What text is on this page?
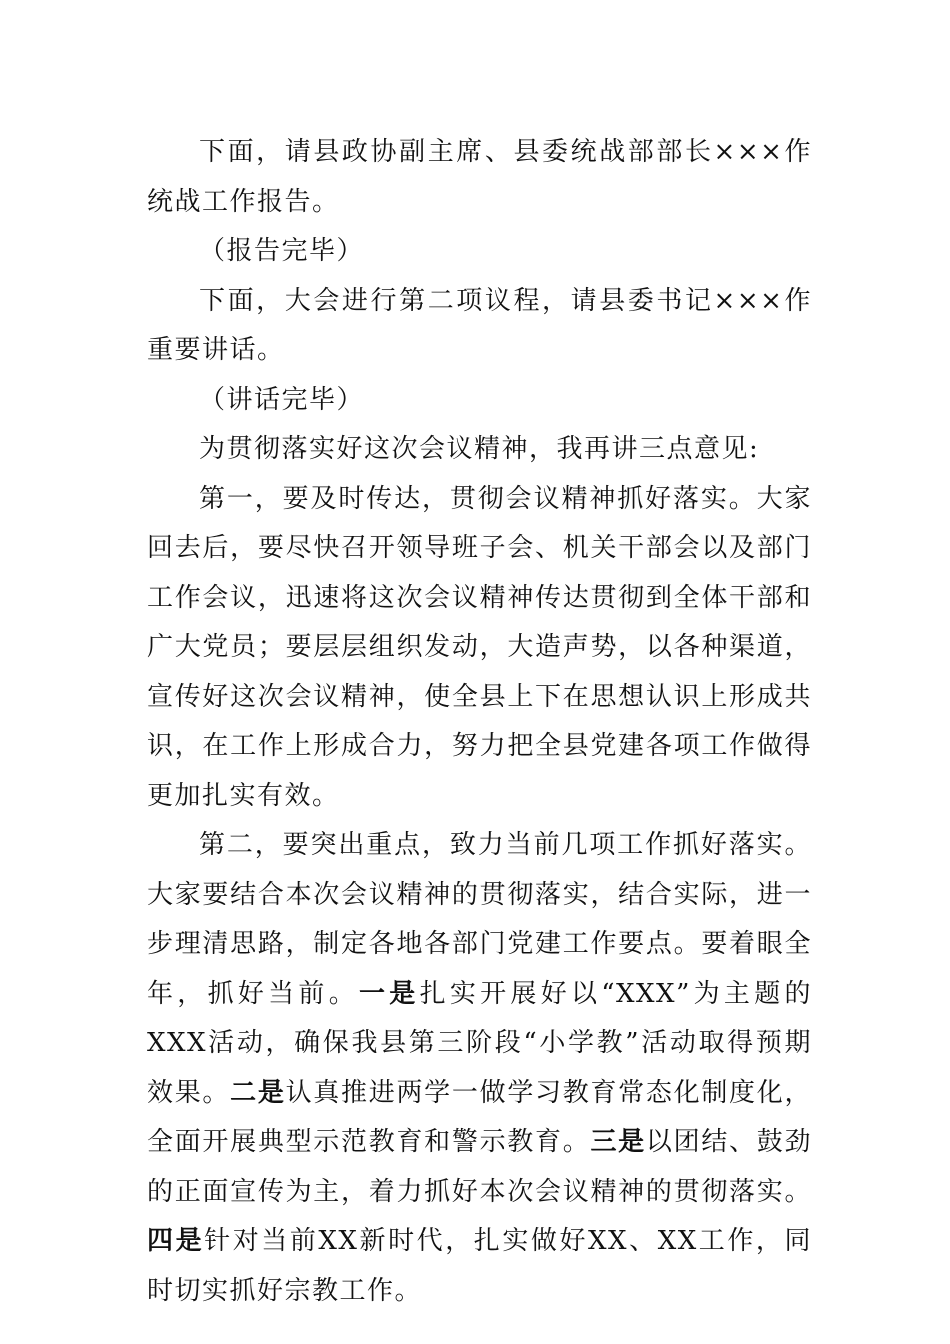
下面，请县政协副主席、县委统战部部长×××作统战工作报告。

（报告完毕）

下面，大会进行第二项议程，请县委书记×××作重要讲话。

（讲话完毕）

为贯彻落实好这次会议精神，我再讲三点意见:

第一，要及时传达，贯彻会议精神抓好落实。大家回去后，要尽快召开领导班子会、机关干部会以及部门工作会议，迅速将这次会议精神传达贯彻到全体干部和广大党员；要层层组织发动，大造声势，以各种渠道，宣传好这次会议精神，使全县上下在思想认识上形成共识，在工作上形成合力，努力把全县党建各项工作做得更加扎实有效。

第二，要突出重点，致力当前几项工作抓好落实。大家要结合本次会议精神的贯彻落实，结合实际，进一步理清思路，制定各地各部门党建工作要点。要着眼全年，抓好当前。一是扎实开展好以“XXX”为主题的XXX活动，确保我县第三阶段“小学教”活动取得预期效果。二是认真推进两学一做学习教育常态化制度化，全面开展典型示范教育和警示教育。三是以团结、鼓劲的正面宣传为主，着力抓好本次会议精神的贯彻落实。四是针对当前XX新时代，扎实做好XX、XX工作，同时切实抓好宗教工作。
